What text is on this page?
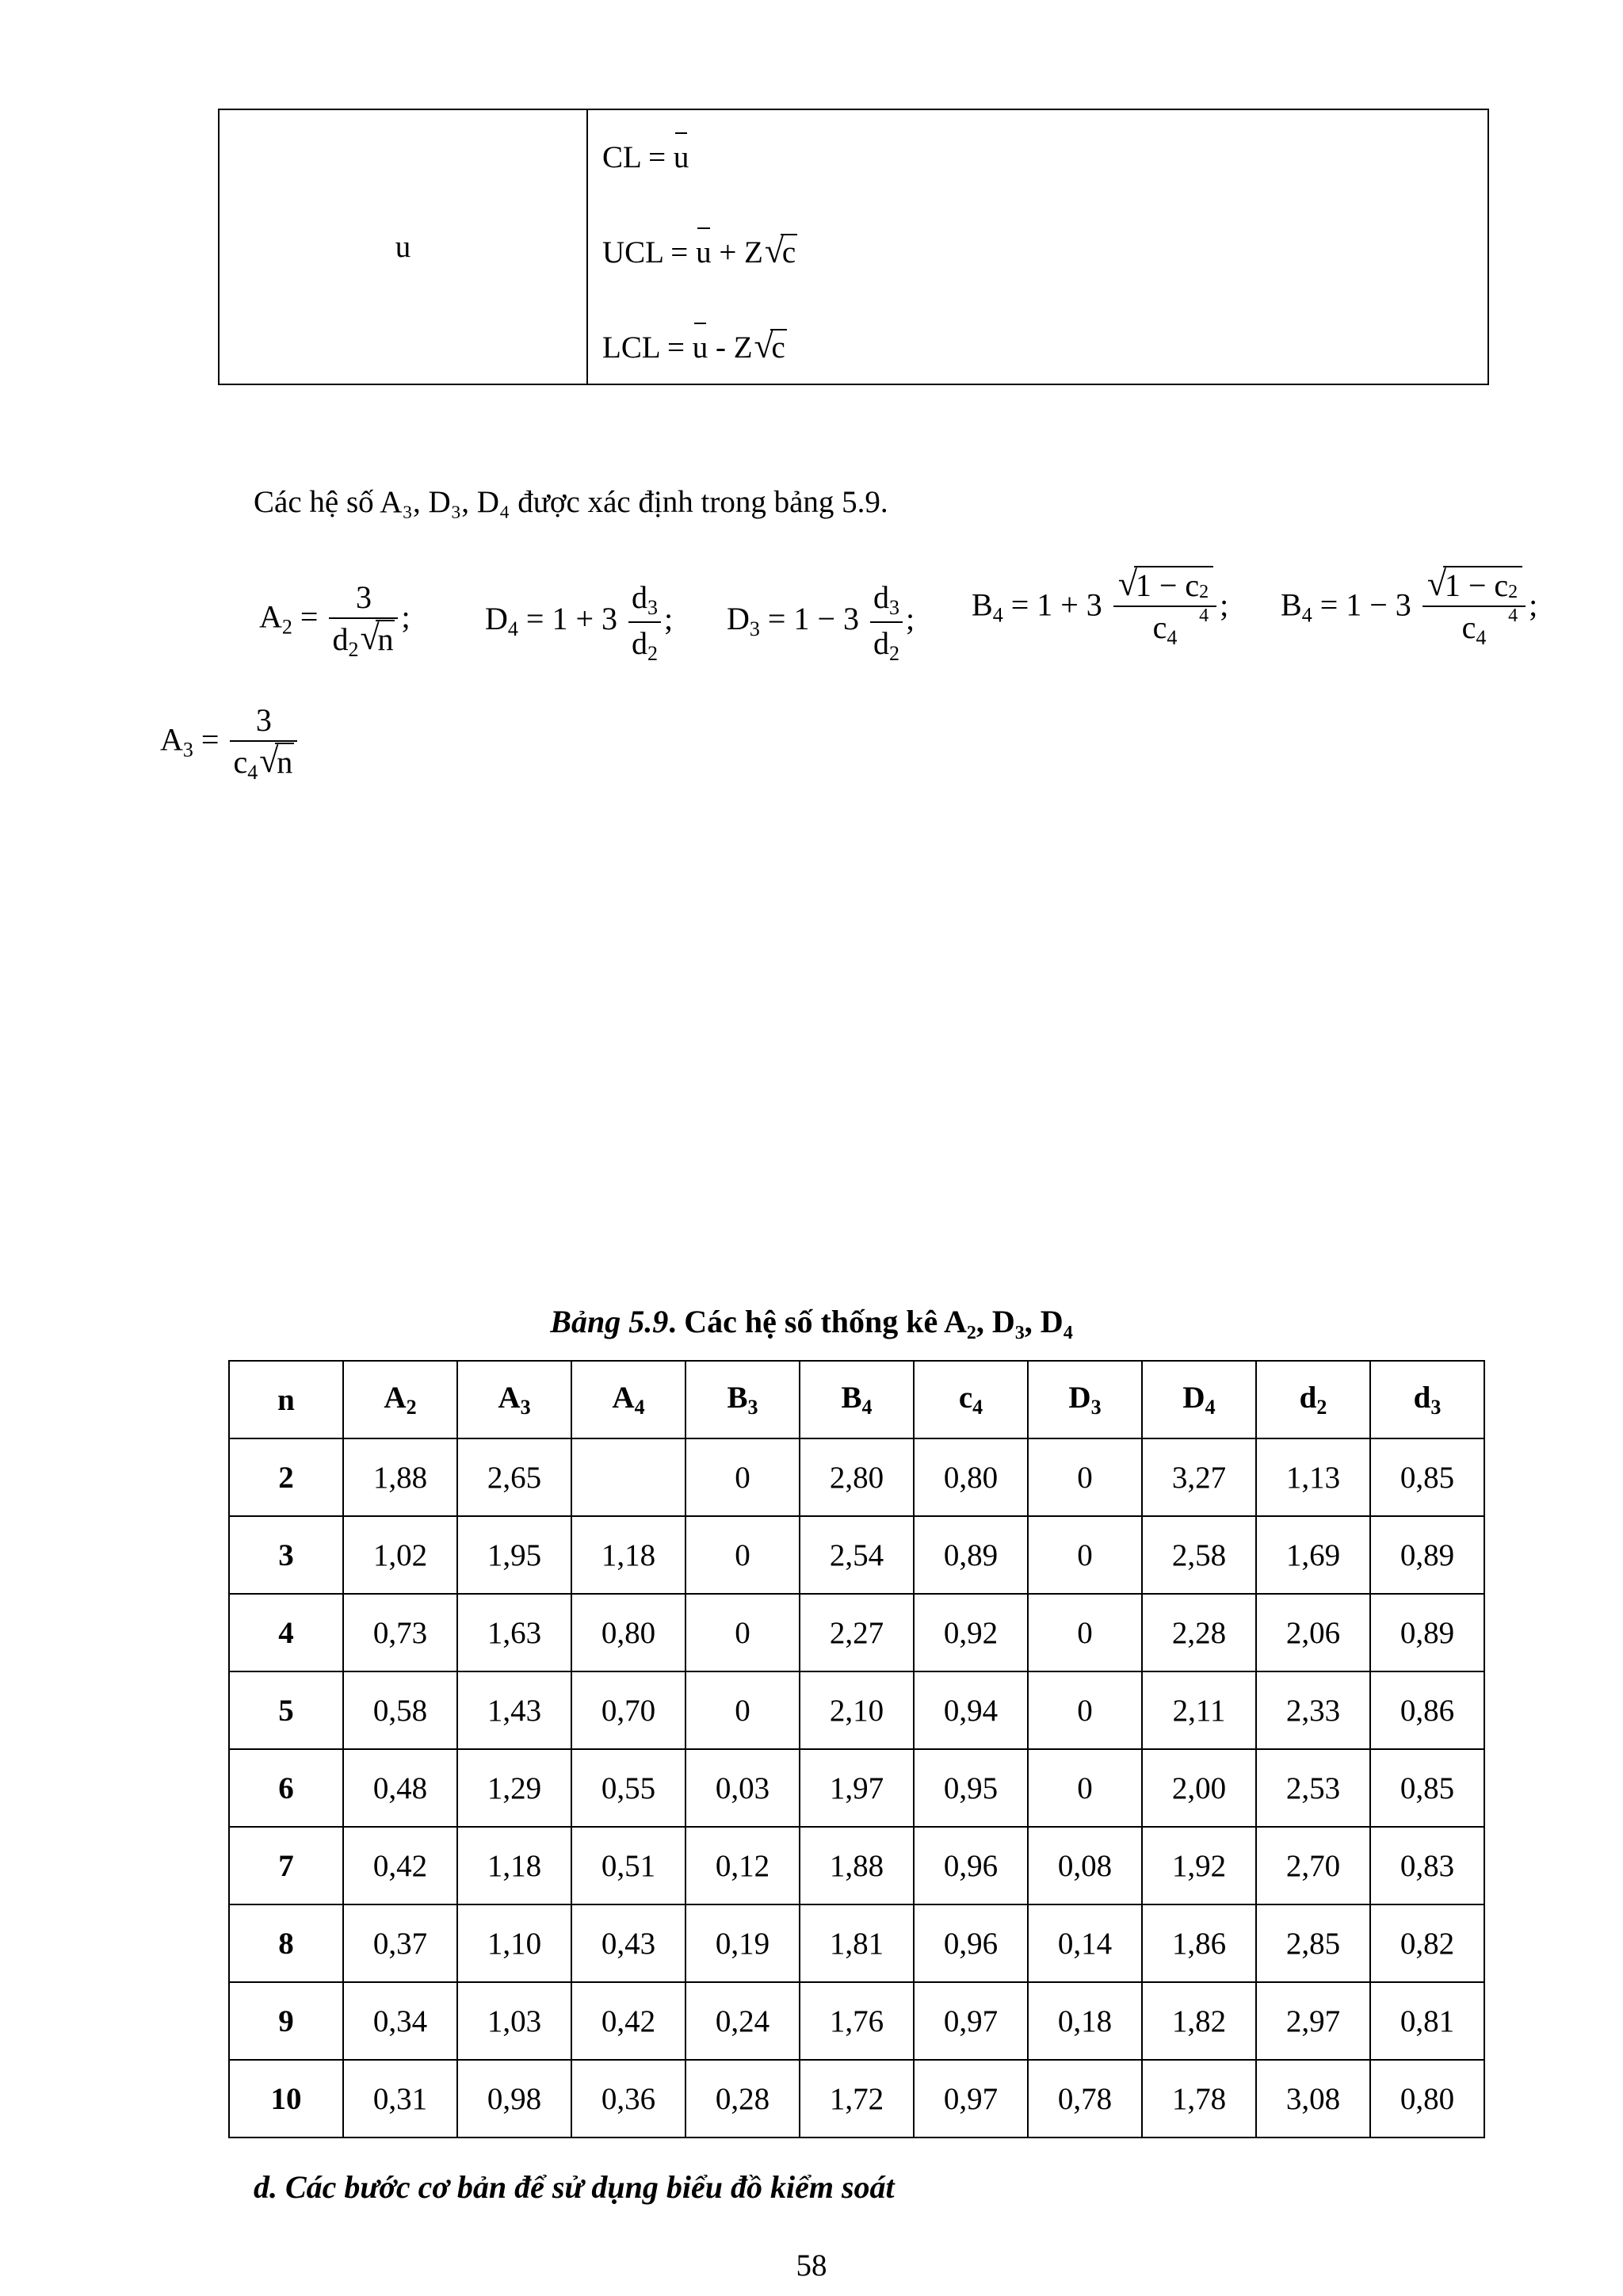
u
CL = u
UCL = u + Z √ c
LCL = u - Z √ c
Các hệ số A₃, D₃, D₄ được xác định trong bảng 5.9.
$A_2 = \frac{3}{d_2 √ n}$ ; $D_4 = 1 + 3 \frac{d_3}{d_2}$ ; $D_3 = 1 - 3 \frac{d_3}{d_2}$ ; $B_4 = 1 + 3$ √ 1 − c 2
4
$c_4$ ; $B_4 = 1 - 3$ √ 1 − c 2
4
$c_4$ ;
$A_3 = \frac{3}{c_4 √ n}$
Bảng 5.9. Các hệ số thống kê A₂, D₃, D₄
n	$A_2$	$A_3$	$A_4$	$B_3$	$B_4$	$c_4$	$D_3$	$D_4$	$d_2$	$d_3$
2	1,88	2,65		0	2,80	0,80	0	3,27	1,13	0,85
3	1,02	1,95	1,18	0	2,54	0,89	0	2,58	1,69	0,89
4	0,73	1,63	0,80	0	2,27	0,92	0	2,28	2,06	0,89
5	0,58	1,43	0,70	0	2,10	0,94	0	2,11	2,33	0,86
6	0,48	1,29	0,55	0,03	1,97	0,95	0	2,00	2,53	0,85
7	0,42	1,18	0,51	0,12	1,88	0,96	0,08	1,92	2,70	0,83
8	0,37	1,10	0,43	0,19	1,81	0,96	0,14	1,86	2,85	0,82
9	0,34	1,03	0,42	0,24	1,76	0,97	0,18	1,82	2,97	0,81
10	0,31	0,98	0,36	0,28	1,72	0,97	0,78	1,78	3,08	0,80
d. Các bước cơ bản để sử dụng biểu đồ kiểm soát
58
